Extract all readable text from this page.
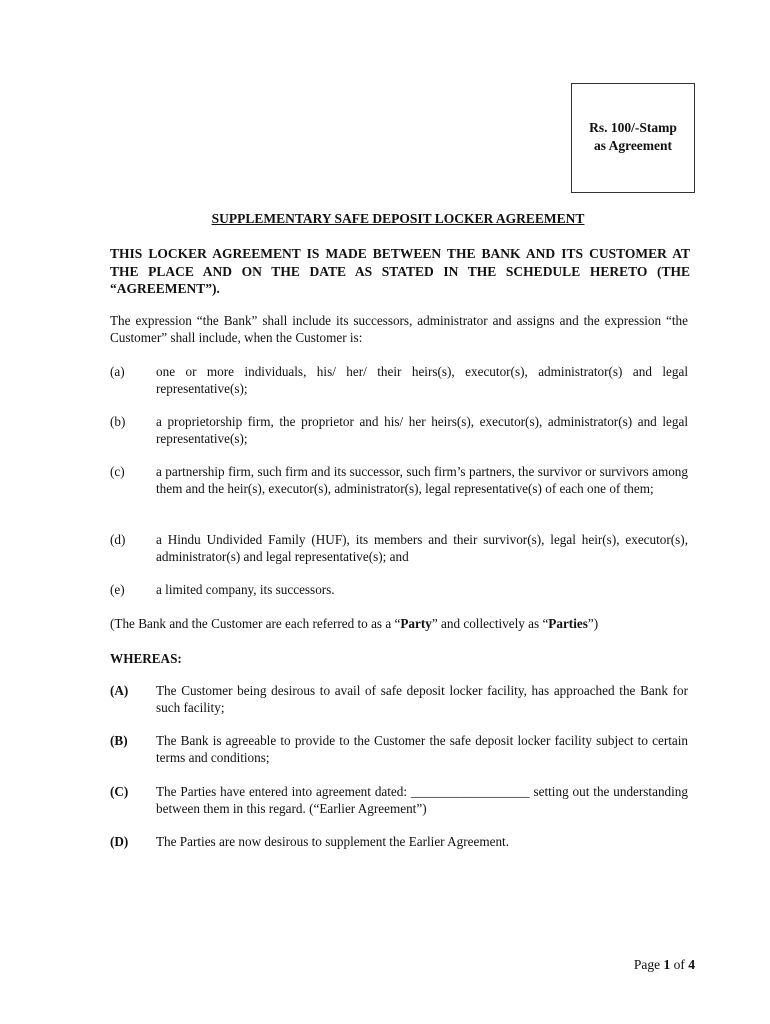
Rs. 100/-Stamp
as Agreement
SUPPLEMENTARY SAFE DEPOSIT LOCKER AGREEMENT
THIS LOCKER AGREEMENT IS MADE BETWEEN THE BANK AND ITS CUSTOMER AT THE PLACE AND ON THE DATE AS STATED IN THE SCHEDULE HERETO (THE “AGREEMENT”).
The expression “the Bank” shall include its successors, administrator and assigns and the expression “the Customer” shall include, when the Customer is:
(a)	one or more individuals, his/ her/ their heirs(s), executor(s), administrator(s) and legal representative(s);
(b)	a proprietorship firm, the proprietor and his/ her heirs(s), executor(s), administrator(s) and legal representative(s);
(c)	a partnership firm, such firm and its successor, such firm’s partners, the survivor or survivors among them and the heir(s), executor(s), administrator(s), legal representative(s) of each one of them;
(d)	a Hindu Undivided Family (HUF), its members and their survivor(s), legal heir(s), executor(s), administrator(s) and legal representative(s); and
(e)	a limited company, its successors.
(The Bank and the Customer are each referred to as a “Party” and collectively as “Parties”)
WHEREAS:
(A)	The Customer being desirous to avail of safe deposit locker facility, has approached the Bank for such facility;
(B)	The Bank is agreeable to provide to the Customer the safe deposit locker facility subject to certain terms and conditions;
(C)	The Parties have entered into agreement dated: __________________ setting out the understanding between them in this regard. (“Earlier Agreement”)
(D)	The Parties are now desirous to supplement the Earlier Agreement.
Page 1 of 4
